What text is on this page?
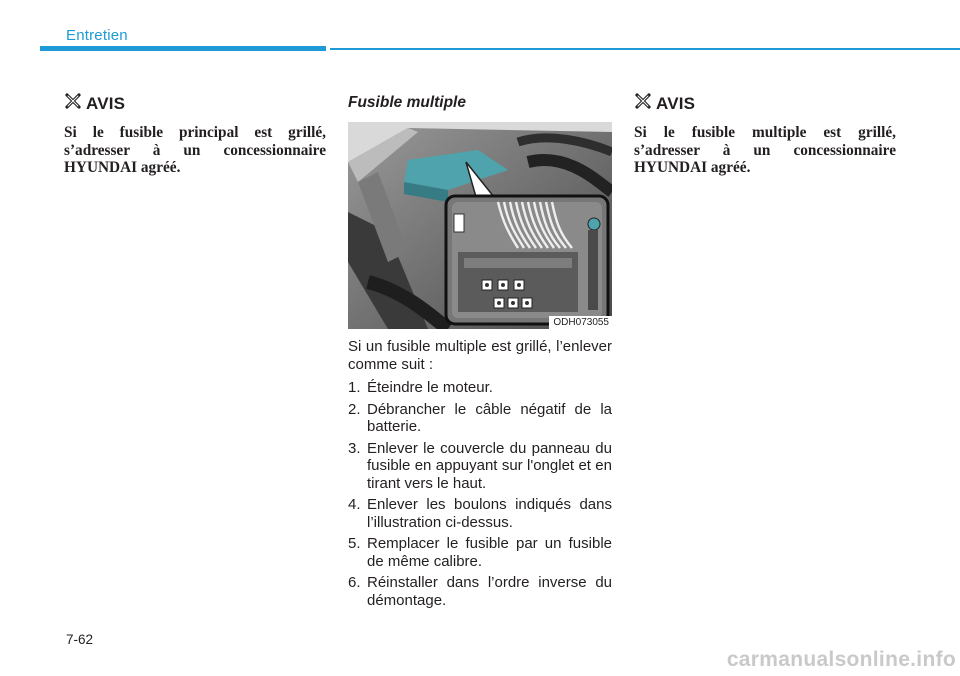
Entretien
AVIS

Si le fusible principal est grillé, s’adresser à un concessionnaire HYUNDAI agréé.

Fusible multiple
ODH073055

Si un fusible multiple est grillé, l’enlever comme suit :

1. Éteindre le moteur.
2. Débrancher le câble négatif de la batterie.
3. Enlever le couvercle du panneau du fusible en appuyant sur l'onglet et en tirant vers le haut.
4. Enlever les boulons indiqués dans l’illustration ci-dessus.
5. Remplacer le fusible par un fusible de même calibre.
6. Réinstaller dans l’ordre inverse du démontage.
AVIS

Si le fusible multiple est grillé, s’adresser à un concessionnaire HYUNDAI agréé.

7-62
carmanualsonline.info
